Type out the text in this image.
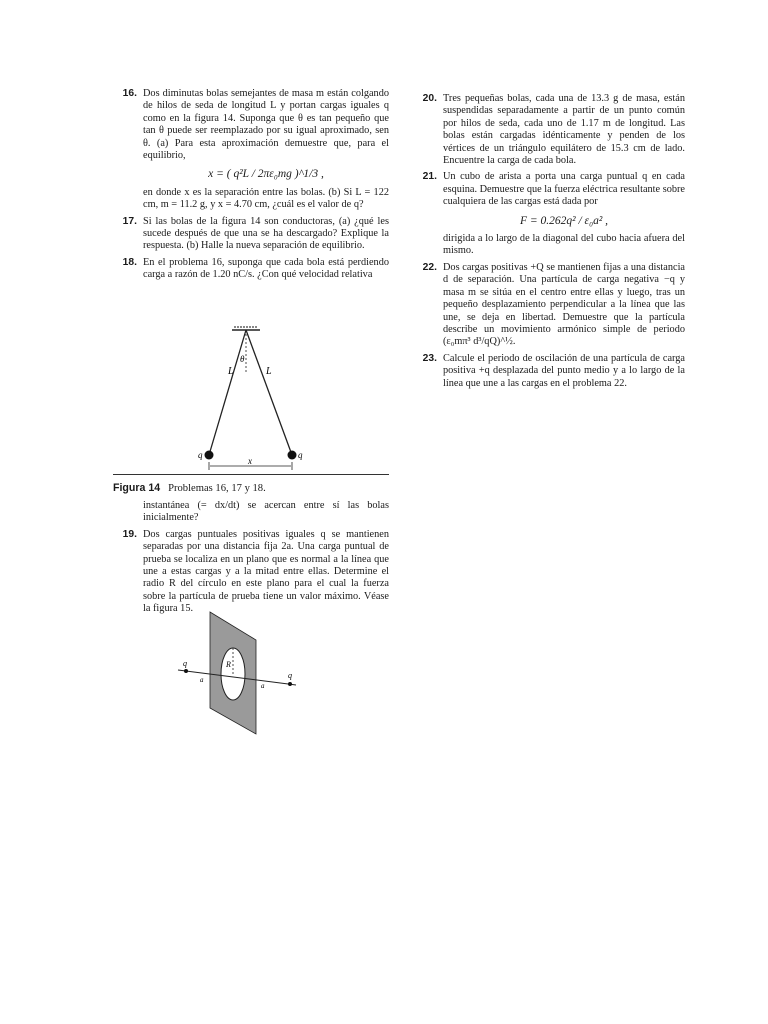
16. Dos diminutas bolas semejantes de masa m están colgando de hilos de seda de longitud L y portan cargas iguales q como en la figura 14. Suponga que θ es tan pequeño que tan θ puede ser reemplazado por su igual aproximado, sen θ. (a) Para esta aproximación demuestre que, para el equilibrio,
x = ( q²L / 2πε₀mg )^1/3 ,
en donde x es la separación entre las bolas. (b) Si L = 122 cm, m = 11.2 g, y x = 4.70 cm, ¿cuál es el valor de q?
17. Si las bolas de la figura 14 son conductoras, (a) ¿qué les sucede después de que una se ha descargado? Explique la respuesta. (b) Halle la nueva separación de equilibrio.
18. En el problema 16, suponga que cada bola está perdiendo carga a razón de 1.20 nC/s. ¿Con qué velocidad relativa
L	L
θ
q	q
x
Figura 14 Problemas 16, 17 y 18.
instantánea (= dx/dt) se acercan entre sí las bolas inicialmente?
19. Dos cargas puntuales positivas iguales q se mantienen separadas por una distancia fija 2a. Una carga puntual de prueba se localiza en un plano que es normal a la línea que une a estas cargas y a la mitad entre ellas. Determine el radio R del círculo en este plano para el cual la fuerza sobre la partícula de prueba tiene un valor máximo. Véase la figura 15.
q
q
a
a
R
20. Tres pequeñas bolas, cada una de 13.3 g de masa, están suspendidas separadamente a partir de un punto común por hilos de seda, cada uno de 1.17 m de longitud. Las bolas están cargadas idénticamente y penden de los vértices de un triángulo equilátero de 15.3 cm de lado. Encuentre la carga de cada bola.
21. Un cubo de arista a porta una carga puntual q en cada esquina. Demuestre que la fuerza eléctrica resultante sobre cualquiera de las cargas está dada por
F = 0.262q² / ε₀a² ,
dirigida a lo largo de la diagonal del cubo hacia afuera del mismo.
22. Dos cargas positivas +Q se mantienen fijas a una distancia d de separación. Una partícula de carga negativa −q y masa m se sitúa en el centro entre ellas y luego, tras un pequeño desplazamiento perpendicular a la línea que las une, se deja en libertad. Demuestre que la partícula describe un movimiento armónico simple de periodo (ε₀mπ³ d³/qQ)^½.
23. Calcule el periodo de oscilación de una partícula de carga positiva +q desplazada del punto medio y a lo largo de la línea que une a las cargas en el problema 22.
